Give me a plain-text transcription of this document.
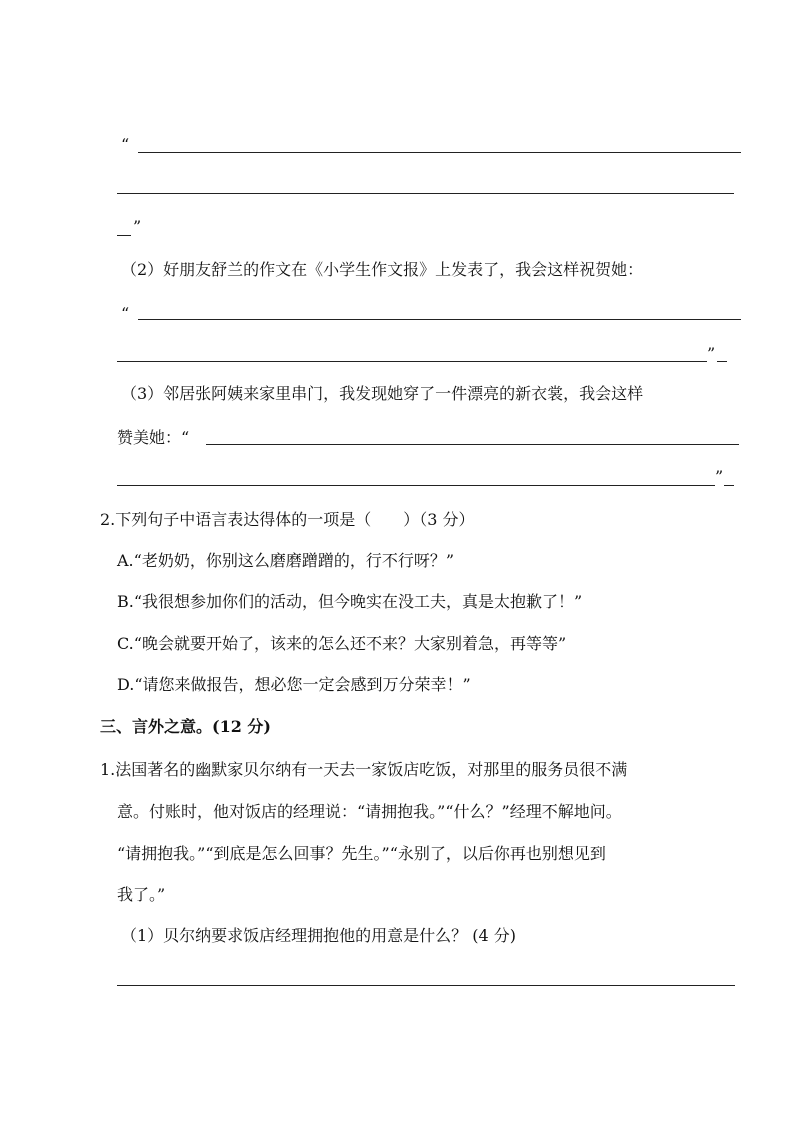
“
”
（2）好朋友舒兰的作文在《小学生作文报》上发表了，我会这样祝贺她：
“
”
（3）邻居张阿姨来家里串门，我发现她穿了一件漂亮的新衣裳，我会这样
赞美她：“
”
2.下列句子中语言表达得体的一项是（　　）（3 分）
A.“老奶奶，你别这么磨磨蹭蹭的，行不行呀？”
B.“我很想参加你们的活动，但今晚实在没工夫，真是太抱歉了！”
C.“晚会就要开始了，该来的怎么还不来？大家别着急，再等等”
D.“请您来做报告，想必您一定会感到万分荣幸！”
三、言外之意。(12 分)
1.法国著名的幽默家贝尔纳有一天去一家饭店吃饭，对那里的服务员很不满
意。付账时，他对饭店的经理说：“请拥抱我。”“什么？”经理不解地问。
“请拥抱我。”“到底是怎么回事？先生。”“永别了，以后你再也别想见到
我了。”
（1）贝尔纳要求饭店经理拥抱他的用意是什么？ (4 分)
